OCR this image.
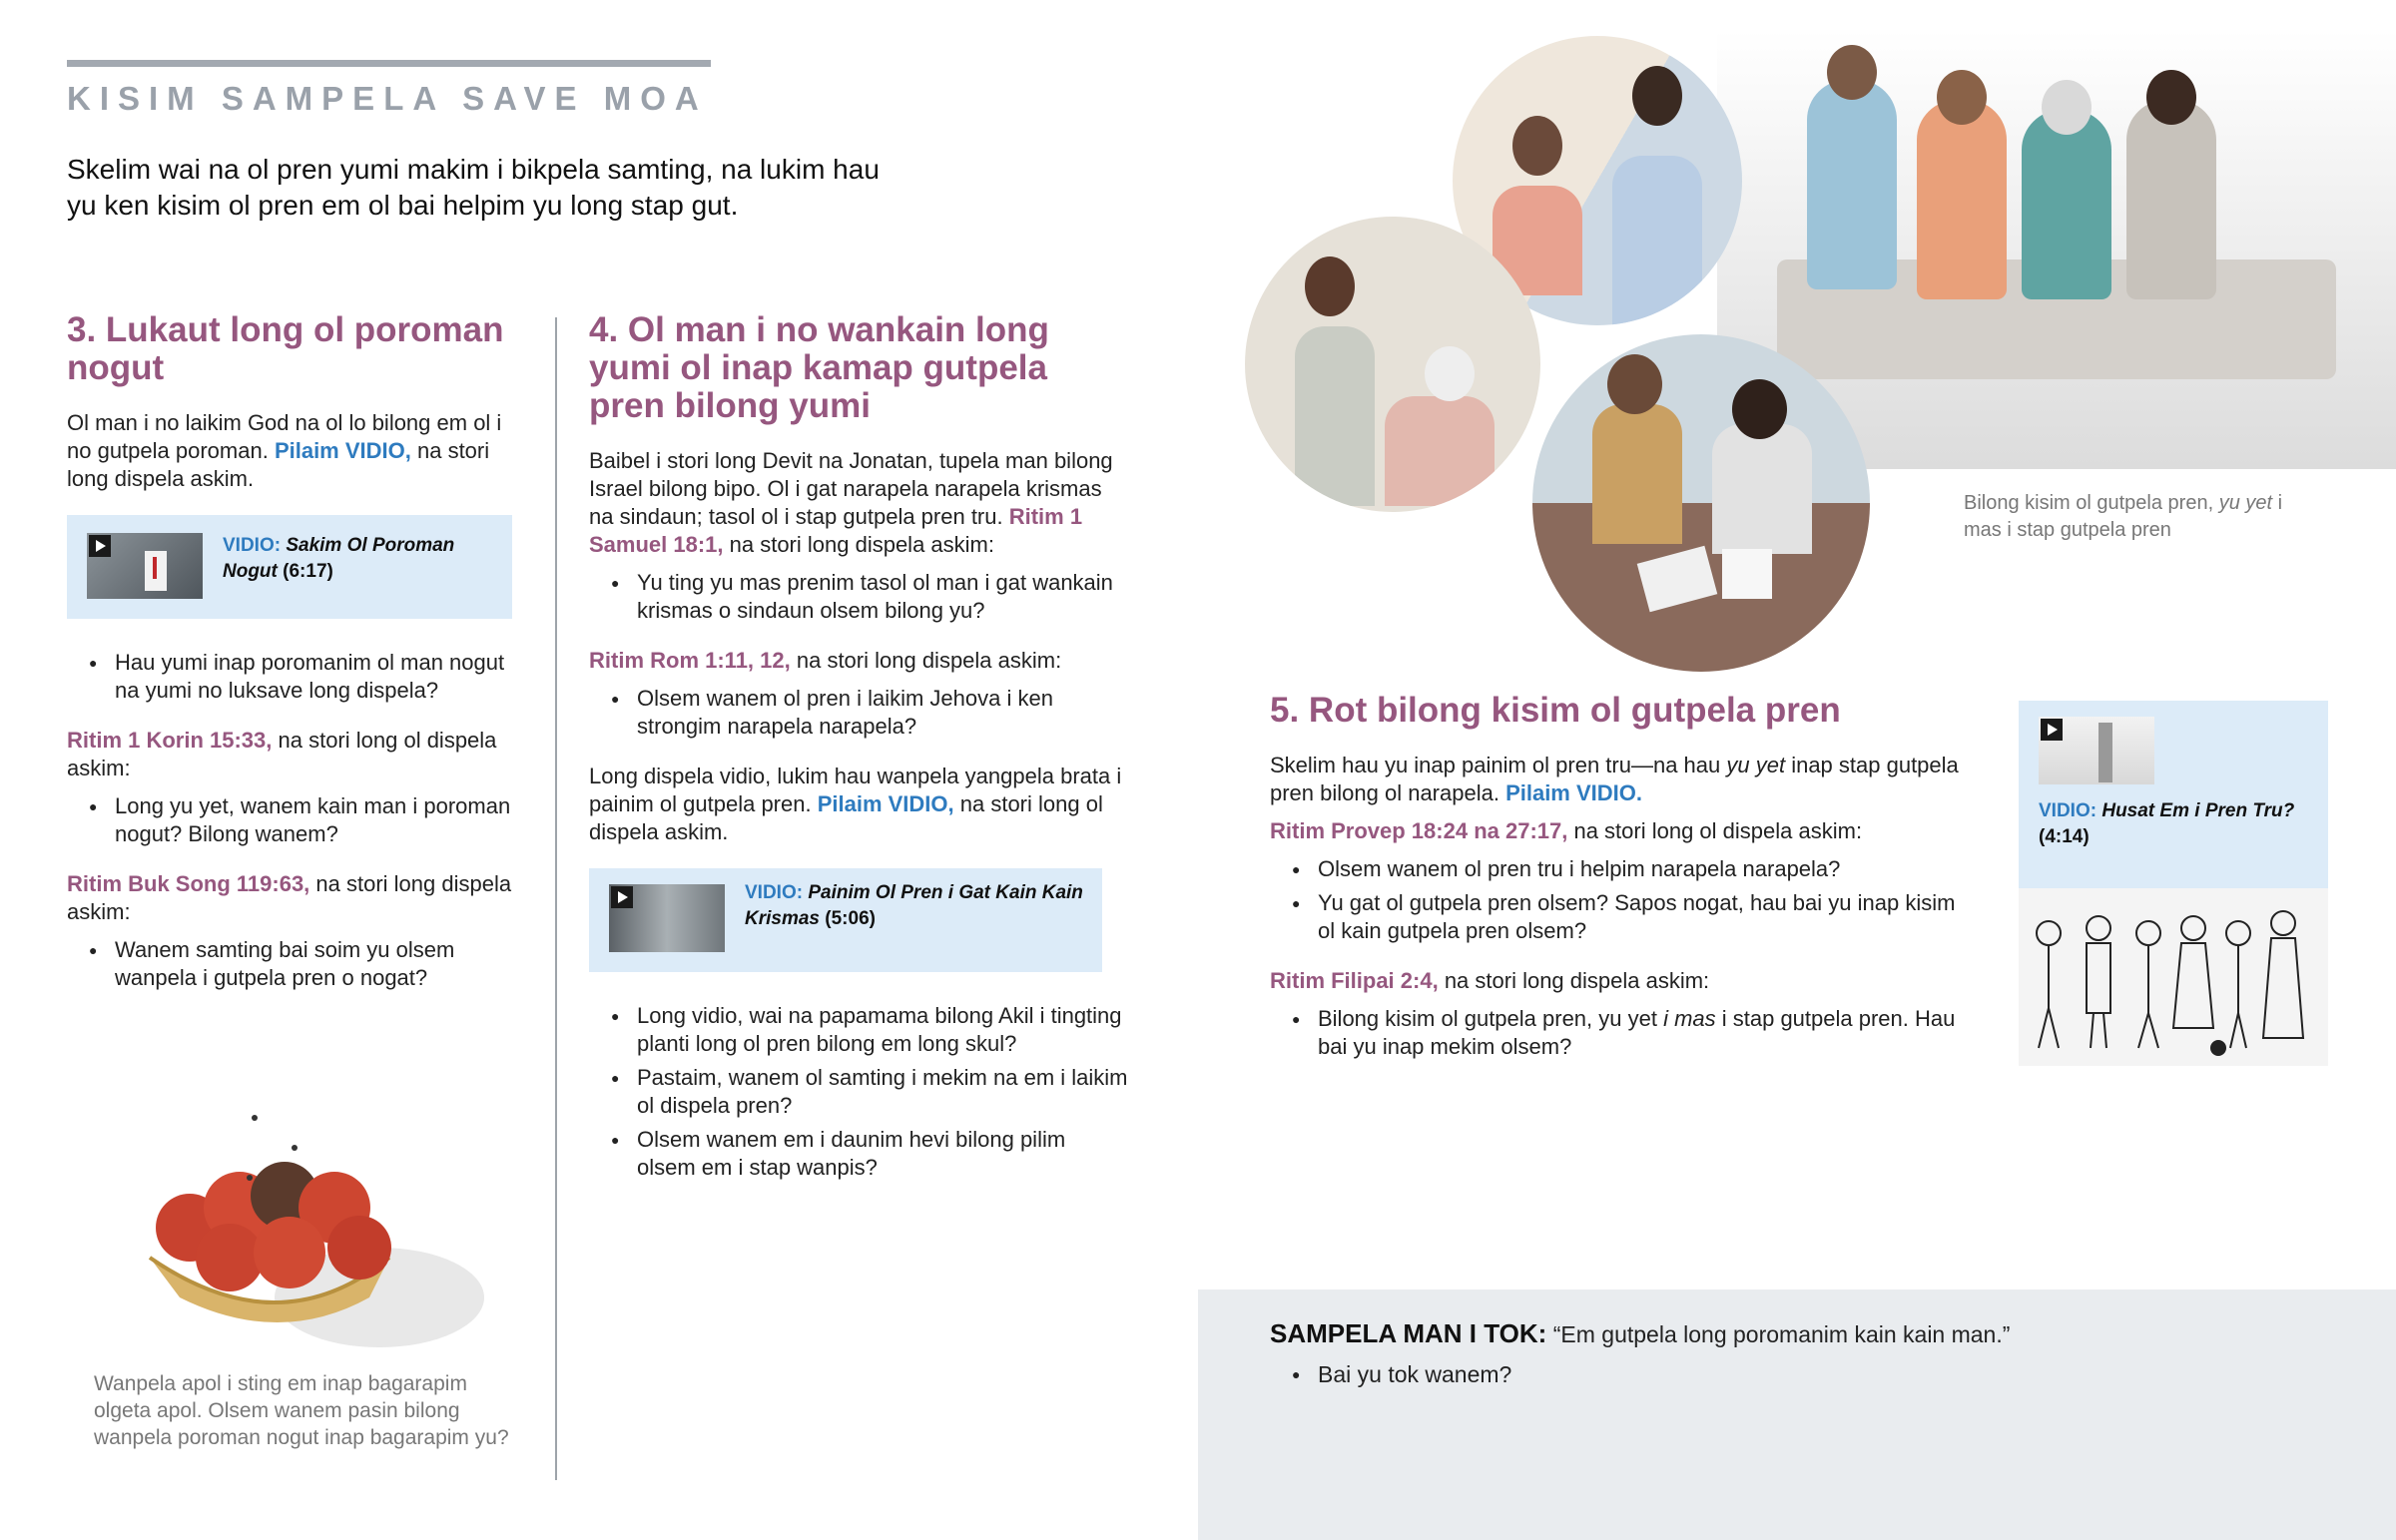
KISIM SAMPELA SAVE MOA
Skelim wai na ol pren yumi makim i bikpela samting, na lukim hau yu ken kisim ol pren em ol bai helpim yu long stap gut.
3. Lukaut long ol poroman nogut

Ol man i no laikim God na ol lo bilong em ol i no gutpela poroman. Pilaim VIDIO, na stori long dispela askim.

VIDIO: Sakim Ol Poroman Nogut (6:17)
● Hau yumi inap poromanim ol man nogut na yumi no luksave long dispela?

Ritim 1 Korin 15:33, na stori long ol dispela askim:

● Long yu yet, wanem kain man i poroman nogut? Bilong wanem?

Ritim Buk Song 119:63, na stori long dispela askim:

● Wanem samting bai soim yu olsem wanpela i gutpela pren o nogat?
Wanpela apol i sting em inap bagarapim olgeta apol. Olsem wanem pasin bilong wanpela poroman nogut inap bagarapim yu?
4. Ol man i no wankain long yumi ol inap kamap gutpela pren bilong yumi

Baibel i stori long Devit na Jonatan, tupela man bilong Israel bilong bipo. Ol i gat narapela narapela krismas na sindaun; tasol ol i stap gutpela pren tru. Ritim 1 Samuel 18:1, na stori long dispela askim:

● Yu ting yu mas prenim tasol ol man i gat wankain krismas o sindaun olsem bilong yu?

Ritim Rom 1:11, 12, na stori long dispela askim:

● Olsem wanem ol pren i laikim Jehova i ken strongim narapela narapela?

Long dispela vidio, lukim hau wanpela yangpela brata i painim ol gutpela pren. Pilaim VIDIO, na stori long ol dispela askim.

VIDIO: Painim Ol Pren i Gat Kain Kain Krismas (5:06)
● Long vidio, wai na papamama bilong Akil i tingting planti long ol pren bilong em long skul?
● Pastaim, wanem ol samting i mekim na em i laikim ol dispela pren?
● Olsem wanem em i daunim hevi bilong pilim olsem em i stap wanpis?
Bilong kisim ol gutpela pren, yu yet i mas i stap gutpela pren
5. Rot bilong kisim ol gutpela pren

Skelim hau yu inap painim ol pren tru—na hau yu yet inap stap gutpela pren bilong ol narapela. Pilaim VIDIO.

Ritim Provep 18:24 na 27:17, na stori long ol dispela askim:

● Olsem wanem ol pren tru i helpim narapela narapela?
● Yu gat ol gutpela pren olsem? Sapos nogat, hau bai yu inap kisim ol kain gutpela pren olsem?

Ritim Filipai 2:4, na stori long dispela askim:

● Bilong kisim ol gutpela pren, yu yet i mas i stap gutpela pren. Hau bai yu inap mekim olsem?
VIDIO: Husat Em i Pren Tru? (4:14)

SAMPELA MAN I TOK: “Em gutpela long poromanim kain kain man.”

● Bai yu tok wanem?
